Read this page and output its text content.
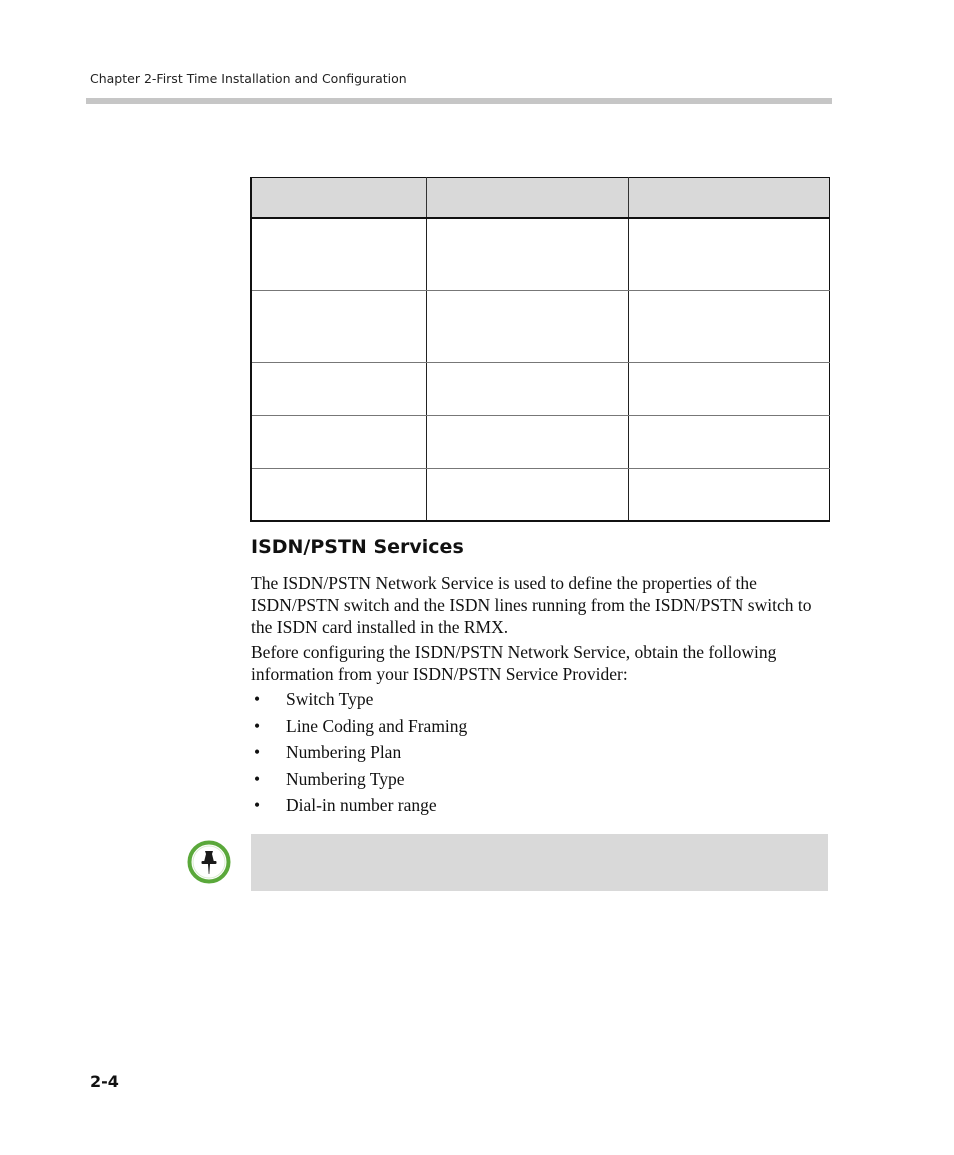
Chapter 2-First Time Installation and Configuration

ISDN/PSTN Services

The ISDN/PSTN Network Service is used to define the properties of the ISDN/PSTN switch and the ISDN lines running from the ISDN/PSTN switch to the ISDN card installed in the RMX.

Before configuring the ISDN/PSTN Network Service, obtain the following information from your ISDN/PSTN Service Provider:

• Switch Type
• Line Coding and Framing
• Numbering Plan
• Numbering Type
• Dial-in number range
2-4
